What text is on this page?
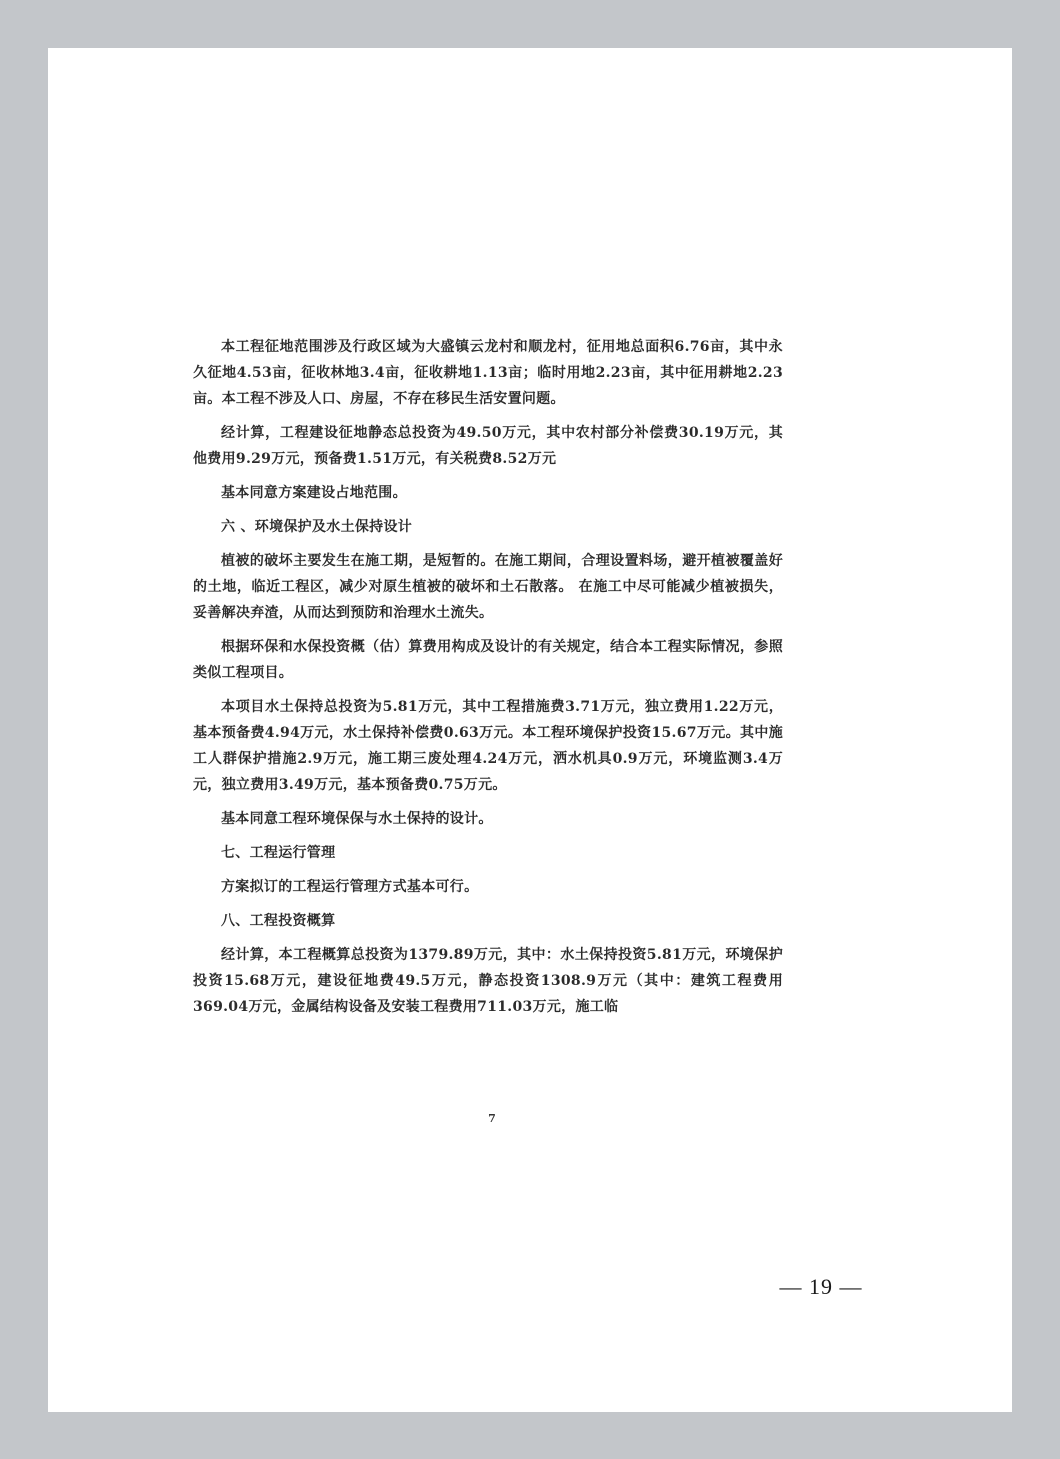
本工程征地范围涉及行政区域为大盛镇云龙村和顺龙村，征用地总面积6.76亩，其中永久征地4.53亩，征收林地3.4亩，征收耕地1.13亩；临时用地2.23亩，其中征用耕地2.23亩。本工程不涉及人口、房屋，不存在移民生活安置问题。

经计算，工程建设征地静态总投资为49.50万元，其中农村部分补偿费30.19万元，其他费用9.29万元，预备费1.51万元，有关税费8.52万元

基本同意方案建设占地范围。

六 、环境保护及水土保持设计

植被的破坏主要发生在施工期，是短暂的。在施工期间，合理设置料场，避开植被覆盖好的土地，临近工程区，减少对原生植被的破坏和土石散落。 在施工中尽可能减少植被损失，妥善解决弃渣，从而达到预防和治理水土流失。

根据环保和水保投资概（估）算费用构成及设计的有关规定，结合本工程实际情况，参照类似工程项目。

本项目水土保持总投资为5.81万元，其中工程措施费3.71万元，独立费用1.22万元，基本预备费4.94万元，水土保持补偿费0.63万元。本工程环境保护投资15.67万元。其中施工人群保护措施2.9万元，施工期三废处理4.24万元，洒水机具0.9万元，环境监测3.4万元，独立费用3.49万元，基本预备费0.75万元。

基本同意工程环境保保与水土保持的设计。

七、工程运行管理

方案拟订的工程运行管理方式基本可行。

八、工程投资概算

经计算，本工程概算总投资为1379.89万元，其中：水土保持投资5.81万元，环境保护投资15.68万元，建设征地费49.5万元，静态投资1308.9万元（其中：建筑工程费用369.04万元，金属结构设备及安装工程费用711.03万元，施工临

7
— 19 —
